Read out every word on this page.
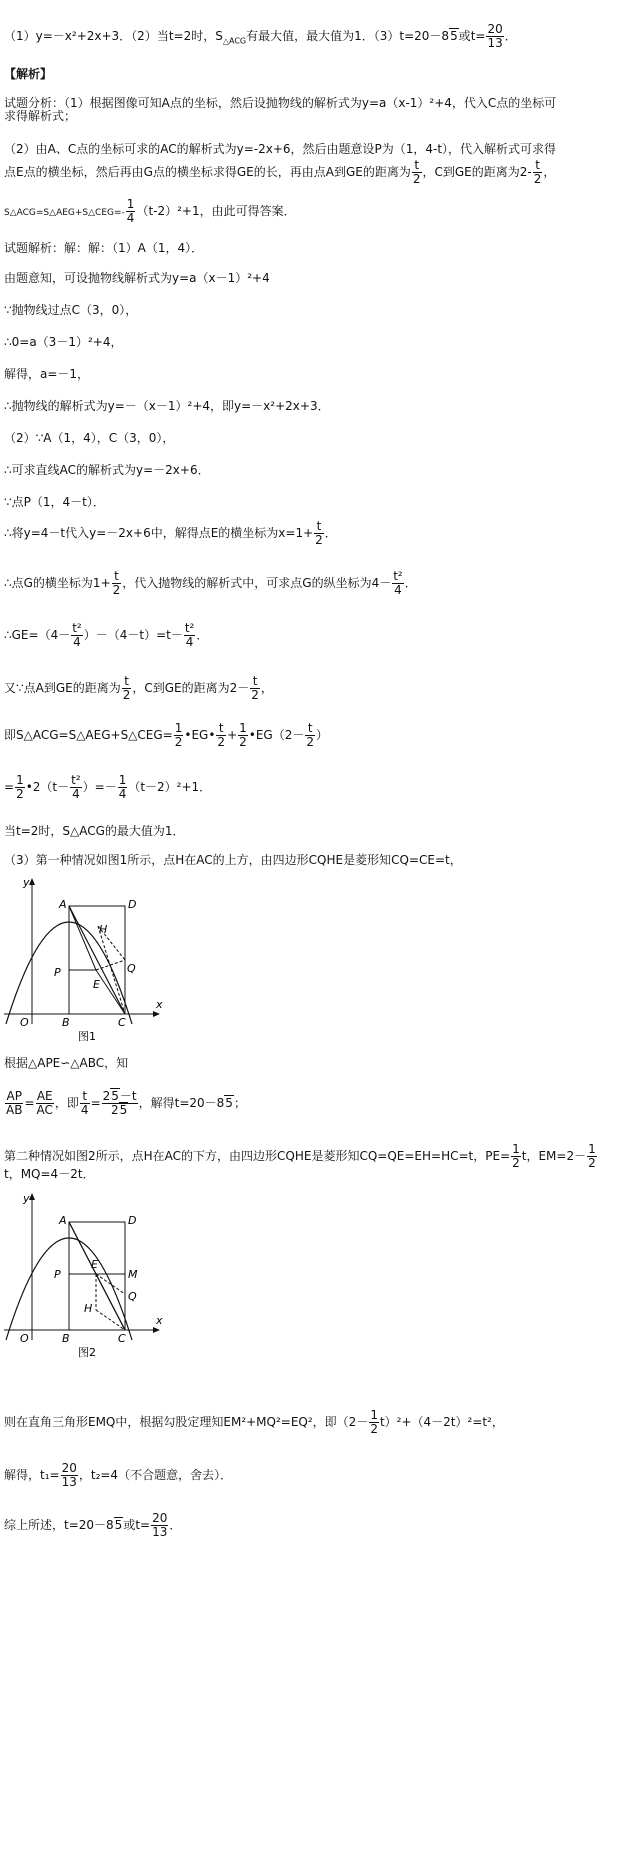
（1）y=－x²+2x+3．（2）当t=2时，$S_{\triangle ACG}$有最大值，最大值为1．（3）t=20－85或$t= \frac{20}{13}$ ．
【解析】
试题分析：（1）根据图像可知A点的坐标，然后设抛物线的解析式为y=a（x-1）²+4，代入C点的坐标可
求得解析式；
（2）由A、C点的坐标可求的AC的解析式为y=-2x+6，然后由题意设P为（1，4-t），代入解析式可求得
点E点的横坐标，然后再由G点的横坐标求得GE的长，再由点A到GE的距离为 $\frac{t}{2}$ ，C到GE的距离为$2- \frac{t}{2}$ ，
S△ACG=S△AEG+S△CEG=- $\frac{1}{4} (t-2)^2+1$，由此可得答案．
试题解析：解：解：（1）A（1，4）．
由题意知，可设抛物线解析式为y=a（x－1）²+4
∵抛物线过点C（3，0），
∴0=a（3－1）²+4，
解得，a=－1，
∴抛物线的解析式为y=－（x－1）²+4，即y=－x²+2x+3．
（2）∵A（1，4），C（3，0），
∴可求直线AC的解析式为y=－2x+6．
∵点P（1，4－t）．
∴将y=4－t代入y=－2x+6中，解得点E的横坐标为$x=1+ \frac{t}{2}$ ．
∴点G的横坐标为$1+ \frac{t}{2}$ ，代入抛物线的解析式中，可求点G的纵坐标为$4- \frac{\text{t²}}{4}$ ．
∴GE=（4－ $\frac{\text{t²}}{4} )-(4-t)=t- \frac{\text{t²}}{4}$ ．
又∵点A到GE的距离为 $\frac{t}{2}$ ，C到GE的距离为$2- \frac{t}{2}$ ，
即S△ACG=S△AEG+S△CEG= $\frac{1}{2}$ •EG• $\frac{t}{2} + \frac{1}{2}$ •EG（2－ $\frac{t}{2}$ ）
= $\frac{1}{2}$ •2（t－ $\frac{\text{t²}}{4}$ ）=－ $\frac{1}{4} (t-2)^2+1$．
当t=2时，S△ACG的最大值为1．
（3）第一种情况如图1所示，点H在AC的上方，由四边形CQHE是菱形知CQ=CE=t，
y
x
A	D
H
P	Q
E
O	B	C
图1
根据△APE∽△ABC，知
$\frac{AP}{AB} = \frac{AE}{AC}$ ，即 $\frac{t}{4} = \frac{25-t}{25}$ ，解得t=20－85；
第二种情况如图2所示，点H在AC的下方，由四边形CQHE是菱形知CQ=QE=EH=HC=t，$PE= \frac{1}{2}$ t，$EM=2- \frac{1}{2}$
t，MQ=4－2t．
y
x
A	D
E
M
P
Q
H
O	B	C
图2
则在直角三角形EMQ中，根据勾股定理知EM²+MQ²=EQ²，即$(2- \frac{1}{2} t)^2+(4-2t)^2=t^2$，
解得，$t_1= \frac{20}{13}$ ，t₂=4（不合题意，舍去）．
综上所述，t=20－85或$t= \frac{20}{13}$ ．
